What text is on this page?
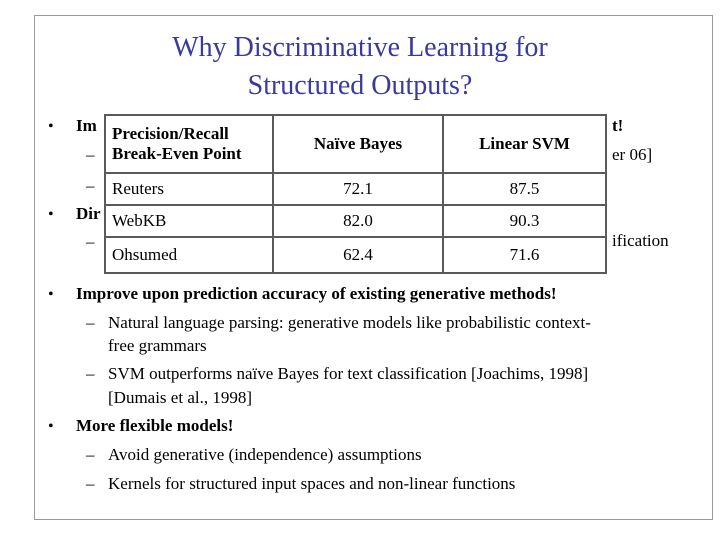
Why Discriminative Learning for
Structured Outputs?
• Im	t!
–	er 06]
–
• Dir
–	ification
Precision/Recall
Break-Even Point
Naïve Bayes	Linear SVM
Reuters	72.1	87.5
WebKB	82.0	90.3
Ohsumed	62.4	71.6
• Improve upon prediction accuracy of existing generative methods!
– Natural language parsing: generative models like probabilistic context-
free grammars
– SVM outperforms naïve Bayes for text classification [Joachims, 1998]
[Dumais et al., 1998]
• More flexible models!
– Avoid generative (independence) assumptions
– Kernels for structured input spaces and non-linear functions
